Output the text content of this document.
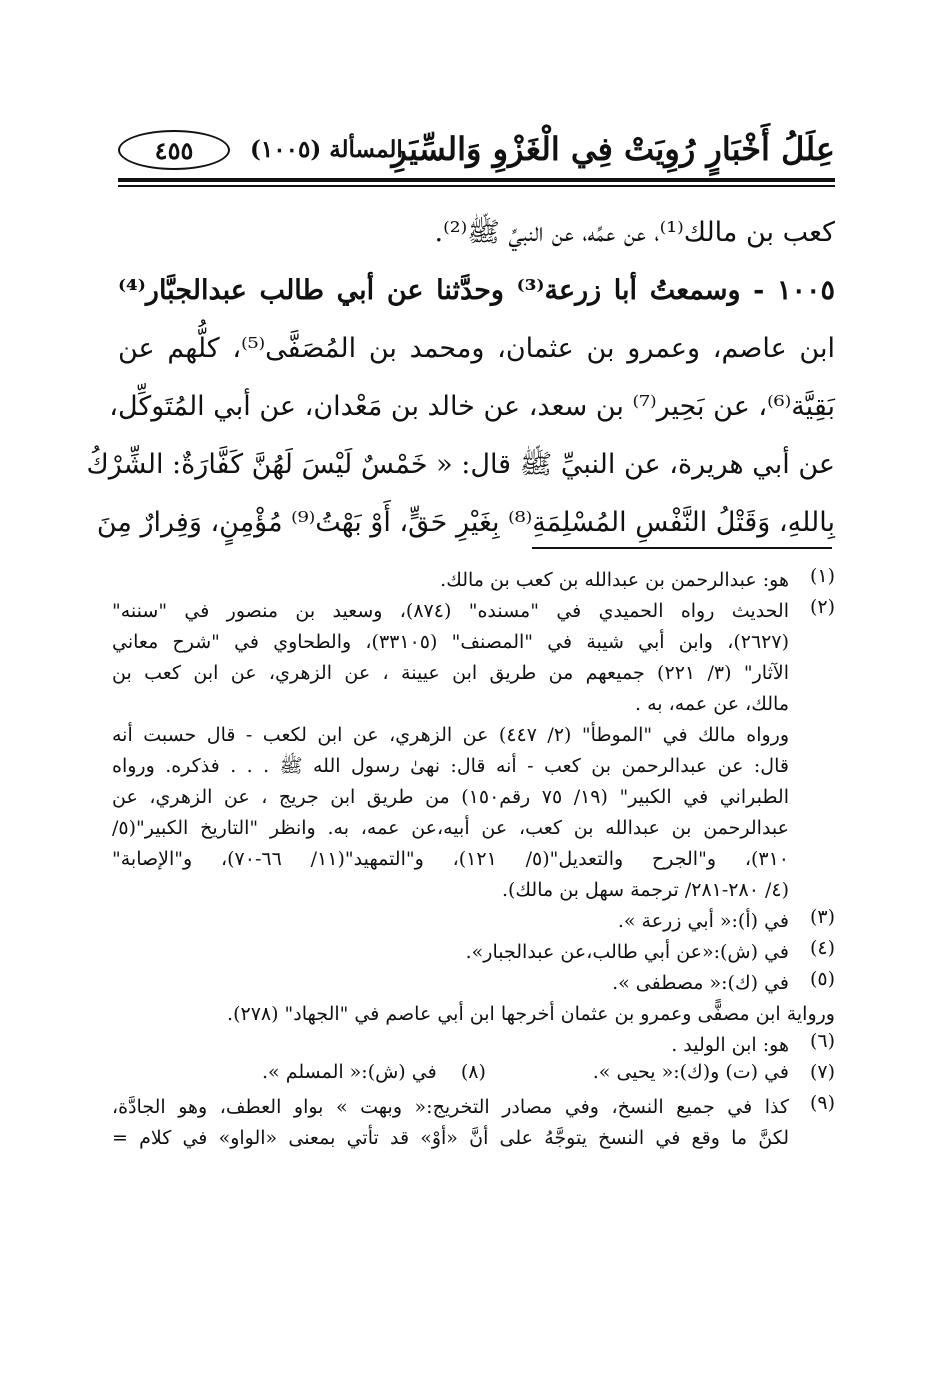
عِلَلُ أَخْبَارٍ رُوِيَتْ فِي الْغَزْوِ وَالسِّيَرِ
المسألة (١٠٠٥)
٤٥٥
كعب بن مالك⁽¹⁾، عن عمِّه، عن النبيِّ ﷺ⁽²⁾.
١٠٠٥ - وسمعتُ أبا زرعة⁽³⁾ وحدَّثنا عن أبي طالب عبدالجبَّار⁽⁴⁾
ابن عاصم، وعمرو بن عثمان، ومحمد بن المُصَفَّى⁽⁵⁾، كلُّهم عن
بَقِيَّة⁽⁶⁾، عن بَحِير⁽⁷⁾ بن سعد، عن خالد بن مَعْدان، عن أبي المُتَوكِّل،
عن أبي هريرة، عن النبيِّ ﷺ قال: « خَمْسٌ لَيْسَ لَهُنَّ كَفَّارَةٌ: الشِّرْكُ
بِاللهِ، وَقَتْلُ النَّفْسِ المُسْلِمَةِ⁽⁸⁾ بِغَيْرِ حَقٍّ، أَوْ بَهْتُ⁽⁹⁾ مُؤْمِنٍ، وَفِرارٌ مِنَ
(١)
هو: عبدالرحمن بن عبدالله بن كعب بن مالك.
(٢)
الحديث رواه الحميدي في "مسنده" (٨٧٤)، وسعيد بن منصور في "سننه"
(٢٦٢٧)، وابن أبي شيبة في "المصنف" (٣٣١٠٥)، والطحاوي في "شرح معاني
الآثار" (٣/ ٢٢١) جميعهم من طريق ابن عيينة ، عن الزهري، عن ابن كعب بن
مالك، عن عمه، به .
ورواه مالك في "الموطأ" (٢/ ٤٤٧) عن الزهري، عن ابن لكعب - قال حسبت أنه
قال: عن عبدالرحمن بن كعب - أنه قال: نهىٰ رسول الله ﷺ . . . فذكره. ورواه
الطبراني في الكبير" (١٩/ ٧٥ رقم١٥٠) من طريق ابن جريج ، عن الزهري، عن
عبدالرحمن بن عبدالله بن كعب، عن أبيه،عن عمه، به. وانظر "التاريخ الكبير"(٥/
٣١٠)، و"الجرح والتعديل"(٥/ ١٢١)، و"التمهيد"(١١/ ٦٦-٧٠)، و"الإصابة"
(٤/ ٢٨٠-٢٨١/ ترجمة سهل بن مالك).
(٣)
في (أ):« أبي زرعة ».
(٤)
في (ش):«عن أبي طالب،عن عبدالجبار».
(٥)
في (ك):« مصطفى ».
ورواية ابن مصفًّى وعمرو بن عثمان أخرجها ابن أبي عاصم في "الجهاد" (٢٧٨).
(٦)
هو: ابن الوليد .
(٧)
في (ت) و(ك):« يحيى ».
(٨)    في (ش):« المسلم ».
(٩)
كذا في جميع النسخ، وفي مصادر التخريج:« وبهت » بواو العطف، وهو الجادَّة،
لكنَّ ما وقع في النسخ يتوجَّهُ على أنَّ «أوْ» قد تأتي بمعنى «الواو» في كلام =
